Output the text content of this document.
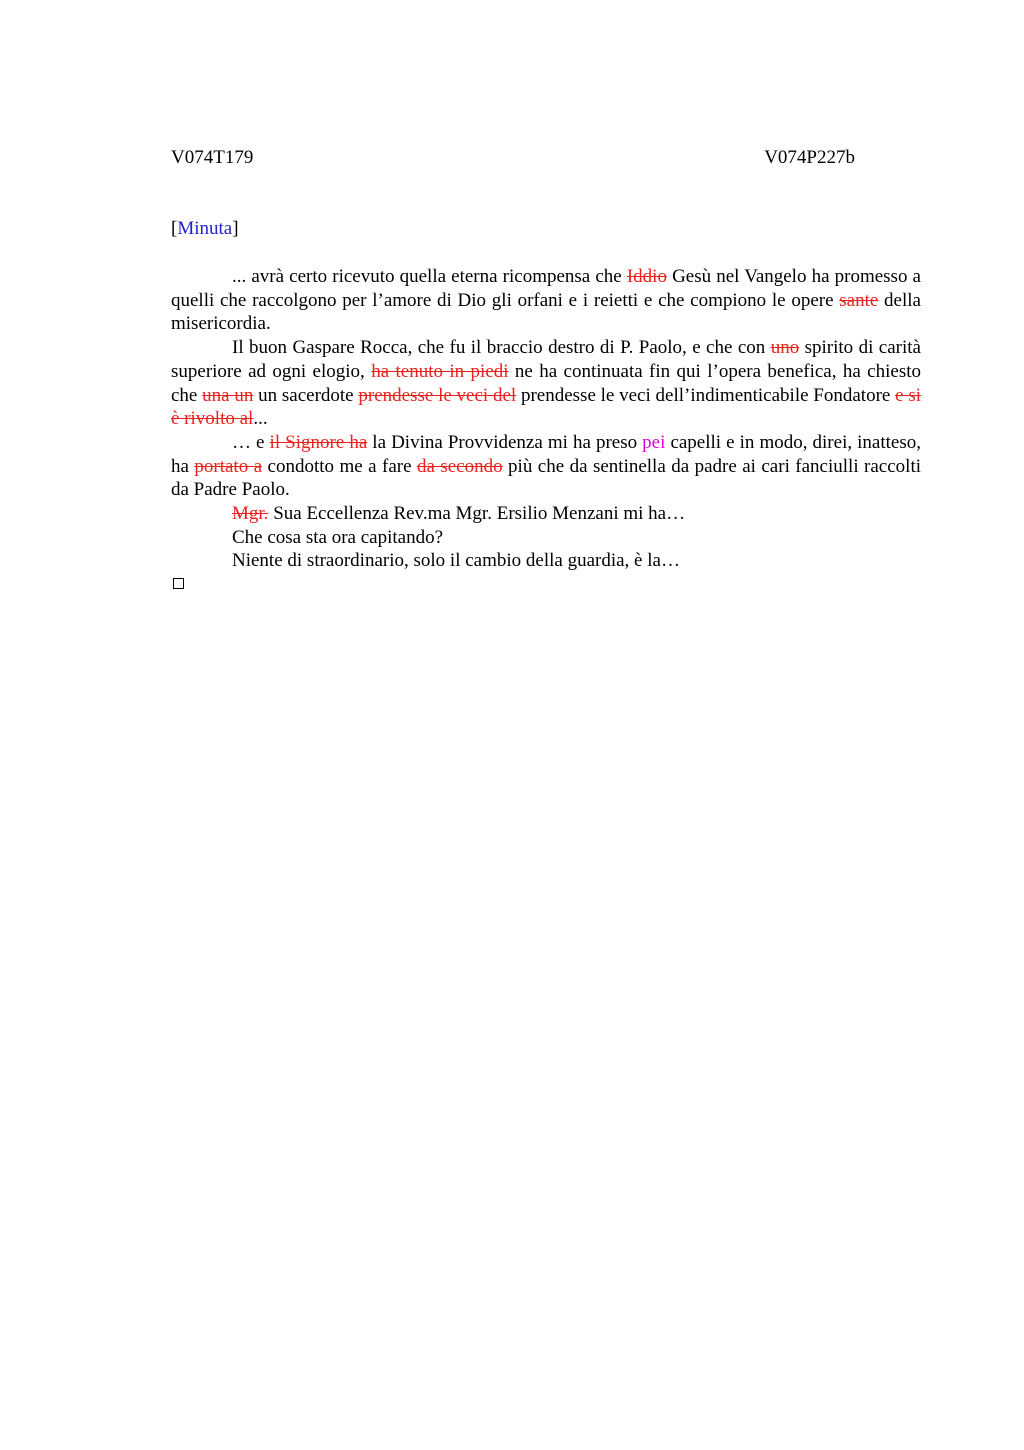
V074T179	V074P227b
[Minuta]

... avrà certo ricevuto quella eterna ricompensa che Iddio Gesù nel Vangelo ha promesso a quelli che raccolgono per l’amore di Dio gli orfani e i reietti e che compiono le opere sante della misericordia.

Il buon Gaspare Rocca, che fu il braccio destro di P. Paolo, e che con uno spirito di carità superiore ad ogni elogio, ha tenuto in piedi ne ha continuata fin qui l’opera benefica, ha chiesto che una un un sacerdote prendesse le veci del prendesse le veci dell’indimenticabile Fondatore e si è rivolto al...

… e il Signore ha la Divina Provvidenza mi ha preso pei capelli e in modo, direi, inatteso, ha portato a condotto me a fare da secondo più che da sentinella da padre ai cari fanciulli raccolti da Padre Paolo.

Mgr. Sua Eccellenza Rev.ma Mgr. Ersilio Menzani mi ha…

Che cosa sta ora capitando?

Niente di straordinario, solo il cambio della guardia, è la…
